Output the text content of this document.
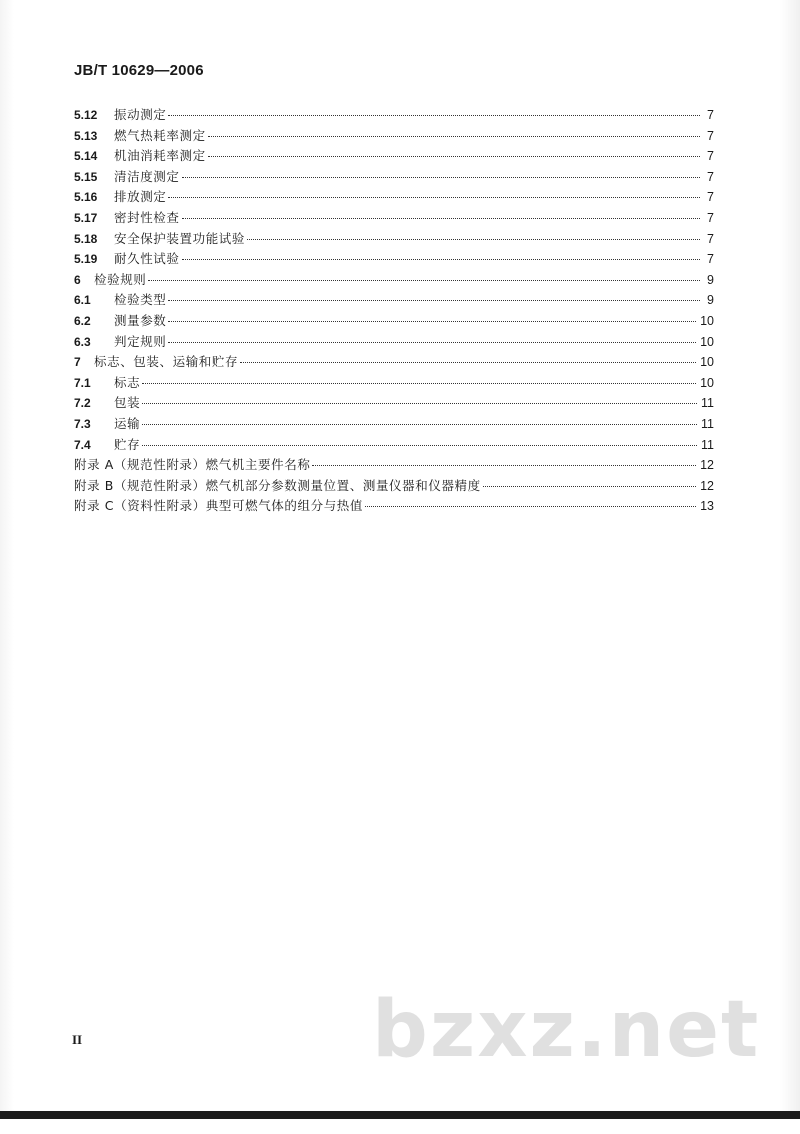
JB/T 10629—2006
5.12	振动测定	7
5.13	燃气热耗率测定	7
5.14	机油消耗率测定	7
5.15	清洁度测定	7
5.16	排放测定	7
5.17	密封性检查	7
5.18	安全保护装置功能试验	7
5.19	耐久性试验	7
6	检验规则	9
6.1	检验类型	9
6.2	测量参数	10
6.3	判定规则	10
7	标志、包装、运输和贮存	10
7.1	标志	10
7.2	包装	11
7.3	运输	11
7.4	贮存	11
附录 A（规范性附录）燃气机主要件名称	12
附录 B（规范性附录）燃气机部分参数测量位置、测量仪器和仪器精度	12
附录 C（资料性附录）典型可燃气体的组分与热值	13
II	bzxz.net
